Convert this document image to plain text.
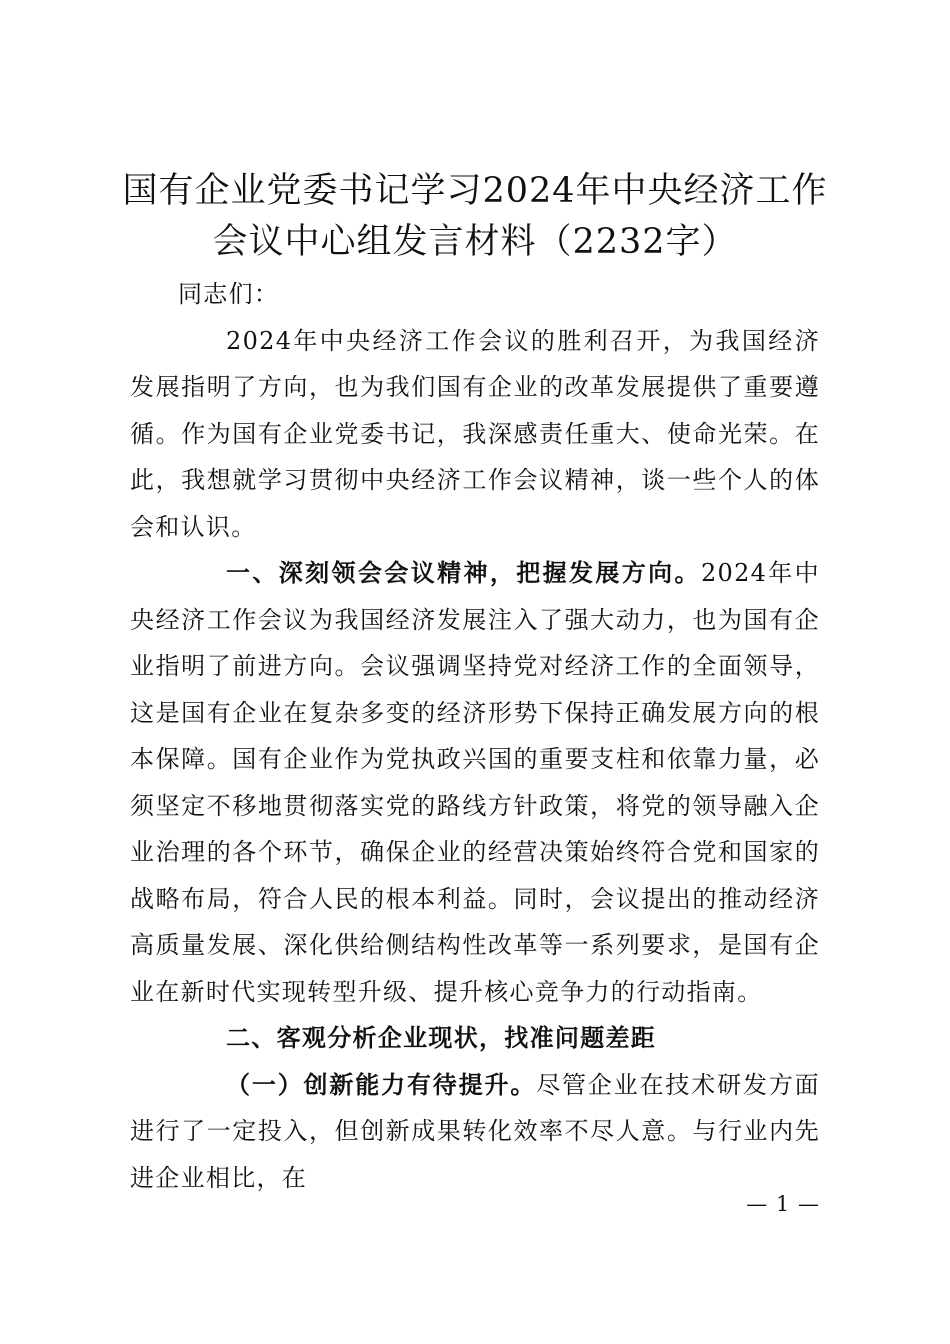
国有企业党委书记学习2024年中央经济工作
会议中心组发言材料（2232字）

同志们：

2024年中央经济工作会议的胜利召开，为我国经济发展指明了方向，也为我们国有企业的改革发展提供了重要遵循。作为国有企业党委书记，我深感责任重大、使命光荣。在此，我想就学习贯彻中央经济工作会议精神，谈一些个人的体会和认识。

一、深刻领会会议精神，把握发展方向。2024年中央经济工作会议为我国经济发展注入了强大动力，也为国有企业指明了前进方向。会议强调坚持党对经济工作的全面领导，这是国有企业在复杂多变的经济形势下保持正确发展方向的根本保障。国有企业作为党执政兴国的重要支柱和依靠力量，必须坚定不移地贯彻落实党的路线方针政策，将党的领导融入企业治理的各个环节，确保企业的经营决策始终符合党和国家的战略布局，符合人民的根本利益。同时，会议提出的推动经济高质量发展、深化供给侧结构性改革等一系列要求，是国有企业在新时代实现转型升级、提升核心竞争力的行动指南。

二、客观分析企业现状，找准问题差距

（一）创新能力有待提升。尽管企业在技术研发方面进行了一定投入，但创新成果转化效率不尽人意。与行业内先进企业相比，在

— 1 —
